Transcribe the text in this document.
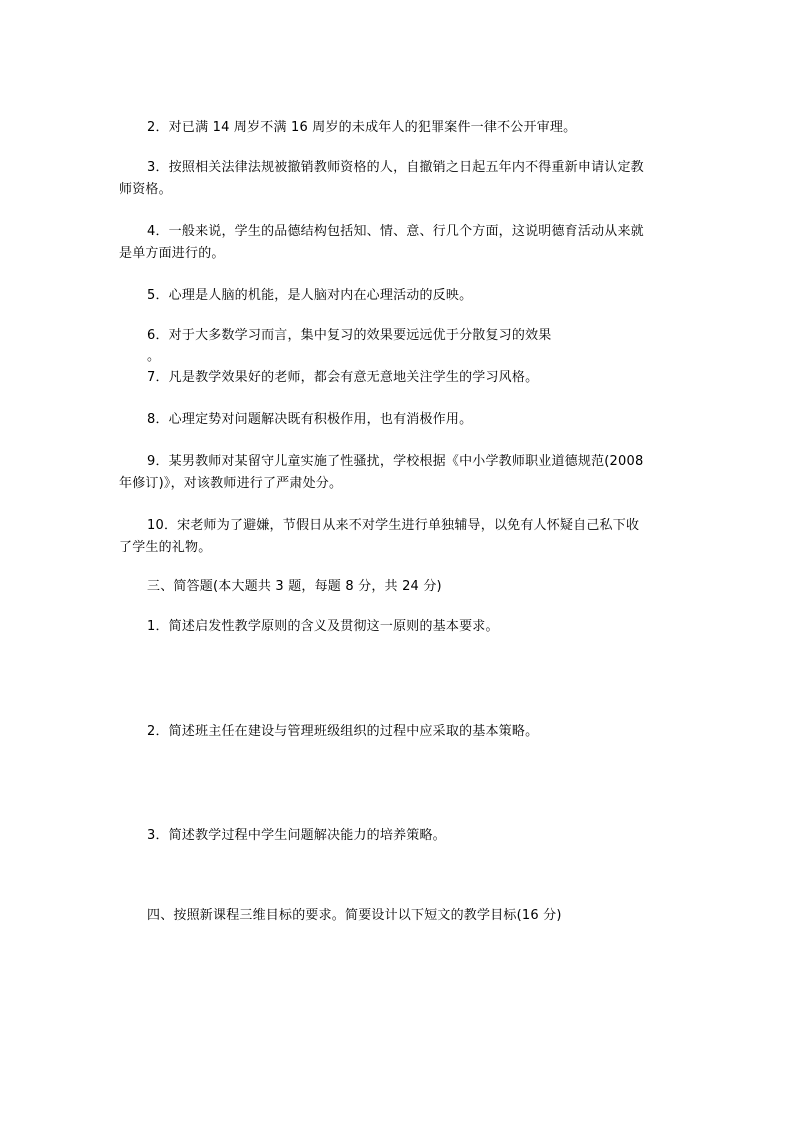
2．对已满 14 周岁不满 16 周岁的未成年人的犯罪案件一律不公开审理。
3．按照相关法律法规被撤销教师资格的人，自撤销之日起五年内不得重新申请认定教
师资格。
4．一般来说，学生的品德结构包括知、情、意、行几个方面，这说明德育活动从来就
是单方面进行的。
5．心理是人脑的机能，是人脑对内在心理活动的反映。
6．对于大多数学习而言，集中复习的效果要远远优于分散复习的效果
。
7．凡是教学效果好的老师，都会有意无意地关注学生的学习风格。
8．心理定势对问题解决既有积极作用，也有消极作用。
9．某男教师对某留守儿童实施了性骚扰，学校根据《中小学教师职业道德规范(2008
年修订)》，对该教师进行了严肃处分。
10．宋老师为了避嫌，节假日从来不对学生进行单独辅导，以免有人怀疑自己私下收
了学生的礼物。
三、简答题(本大题共 3 题，每题 8 分，共 24 分)
1．简述启发性教学原则的含义及贯彻这一原则的基本要求。
2．简述班主任在建设与管理班级组织的过程中应采取的基本策略。
3．简述教学过程中学生问题解决能力的培养策略。
四、按照新课程三维目标的要求。简要设计以下短文的教学目标(16 分)
